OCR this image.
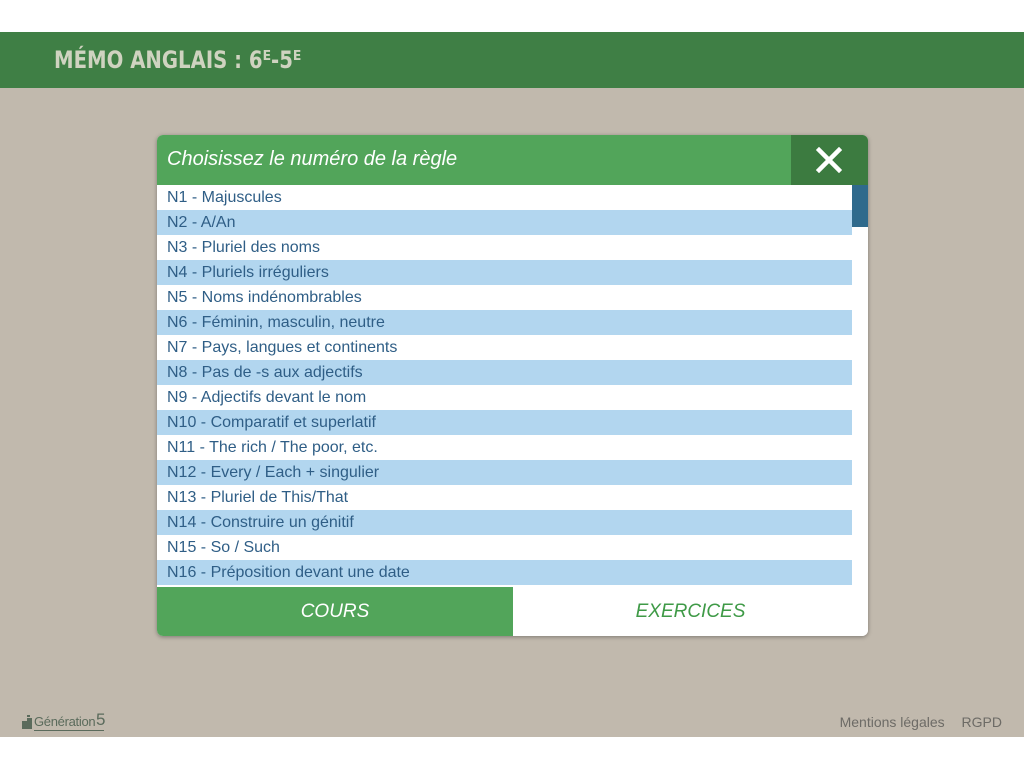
MÉMO ANGLAIS : 6ᴱ-5ᴱ
Choisissez le numéro de la règle
N1 - Majuscules
N2 - A/An
N3 - Pluriel des noms
N4 - Pluriels irréguliers
N5 - Noms indénombrables
N6 - Féminin, masculin, neutre
N7 - Pays, langues et continents
N8 - Pas de -s aux adjectifs
N9 - Adjectifs devant le nom
N10 - Comparatif et superlatif
N11 - The rich / The poor, etc.
N12 - Every / Each + singulier
N13 - Pluriel de This/That
N14 - Construire un génitif
N15 - So / Such
N16 - Préposition devant une date
COURS	EXERCICES
Génération 5	Mentions légales RGPD
